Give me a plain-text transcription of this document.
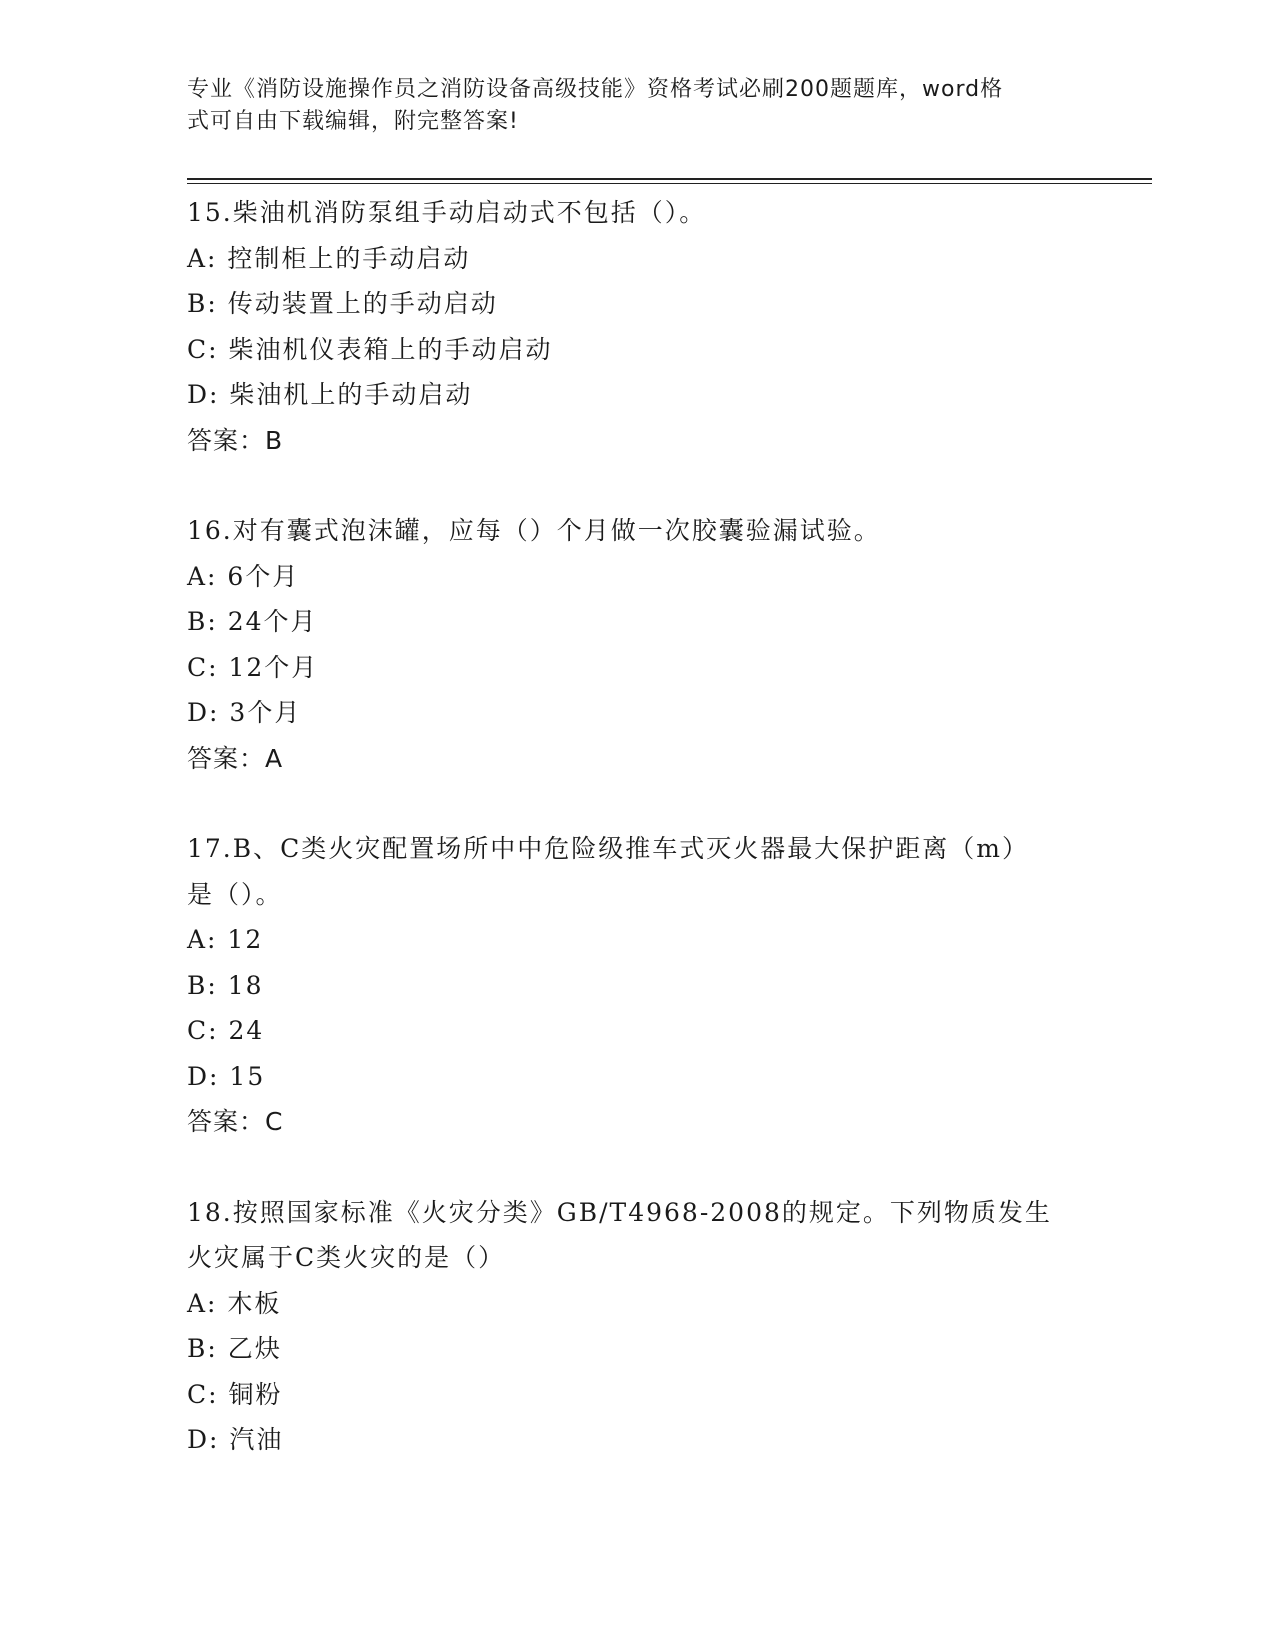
专业《消防设施操作员之消防设备高级技能》资格考试必刷200题题库，word格
式可自由下载编辑，附完整答案!

15.柴油机消防泵组手动启动式不包括（）。

A: 控制柜上的手动启动

B: 传动装置上的手动启动

C: 柴油机仪表箱上的手动启动

D: 柴油机上的手动启动

答案：B

16.对有囊式泡沫罐，应每（）个月做一次胶囊验漏试验。

A: 6个月

B: 24个月

C: 12个月

D: 3个月

答案：A

17.B、C类火灾配置场所中中危险级推车式灭火器最大保护距离（m）

是（）。

A: 12

B: 18

C: 24

D: 15

答案：C

18.按照国家标准《火灾分类》GB/T4968-2008的规定。下列物质发生

火灾属于C类火灾的是（）

A: 木板

B: 乙炔

C: 铜粉

D: 汽油
